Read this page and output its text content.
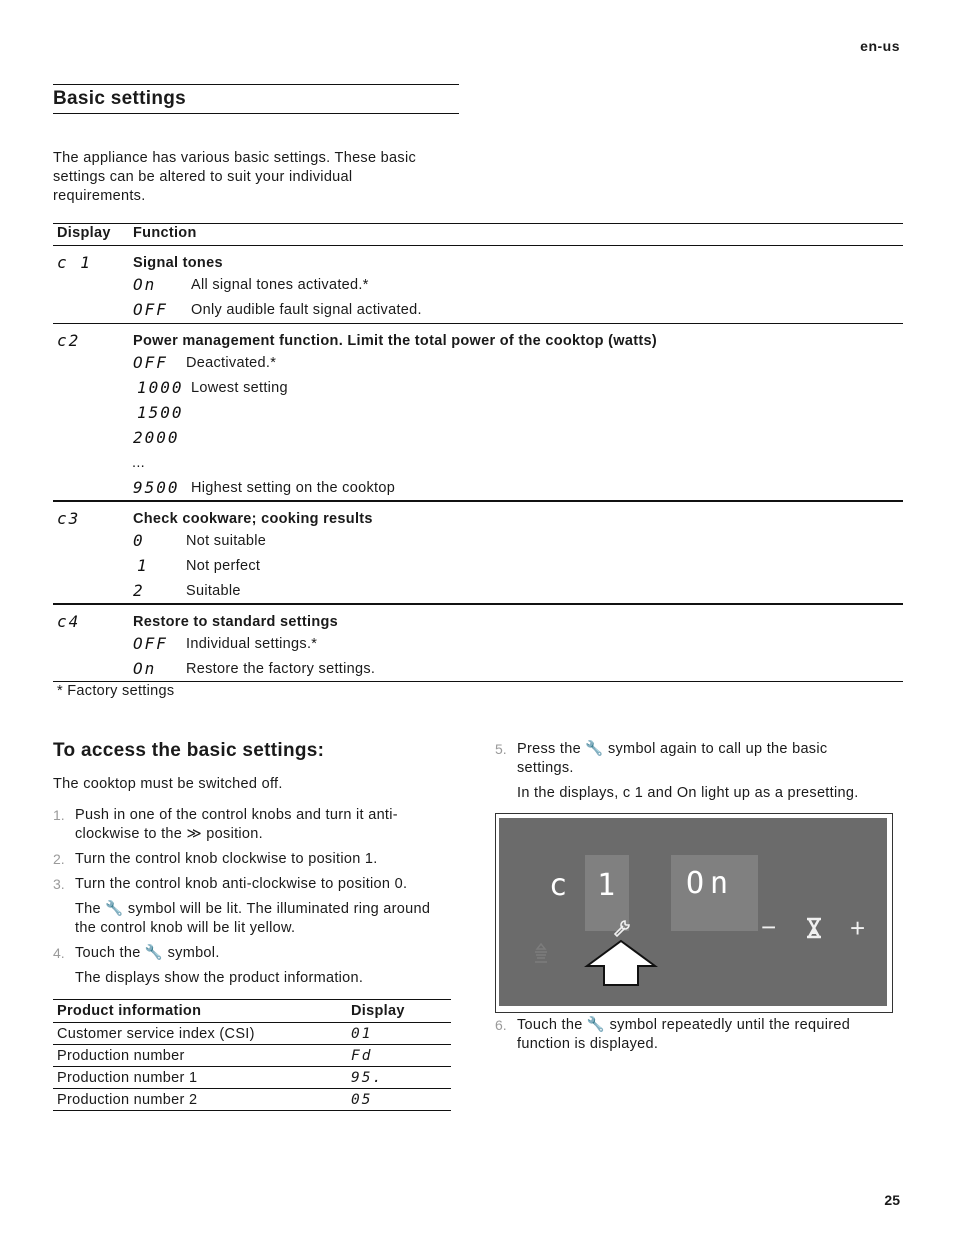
en-us
Basic settings
The appliance has various basic settings. These basic
settings can be altered to suit your individual
requirements.
Display Function
c 1	Signal tones
On All signal tones activated.*
OFF Only audible fault signal activated.
c2	Power management function. Limit the total power of the cooktop (watts)
OFF Deactivated.*
1000 Lowest setting
1500
2000
...
9500 Highest setting on the cooktop
c3	Check cookware; cooking results
0	Not suitable
1	Not perfect
2	Suitable
c4	Restore to standard settings
OFF Individual settings.*
On Restore the factory settings.
* Factory settings
To access the basic settings:
The cooktop must be switched off.
1. Push in one of the control knobs and turn it anti-
clockwise to the ≫ position.
2. Turn the control knob clockwise to position 1.
3. Turn the control knob anti-clockwise to position 0.
The 🔧 symbol will be lit. The illuminated ring around
the control knob will be lit yellow.
4. Touch the 🔧 symbol.
The displays show the product information.
Product information	Display
Customer service index (CSI)	01
Production number	Fd
Production number 1	95.
Production number 2	05
5. Press the 🔧 symbol again to call up the basic
settings.
In the displays, c 1 and On light up as a presetting.
c 1 On
−	+
6. Touch the 🔧 symbol repeatedly until the required
function is displayed.
25
